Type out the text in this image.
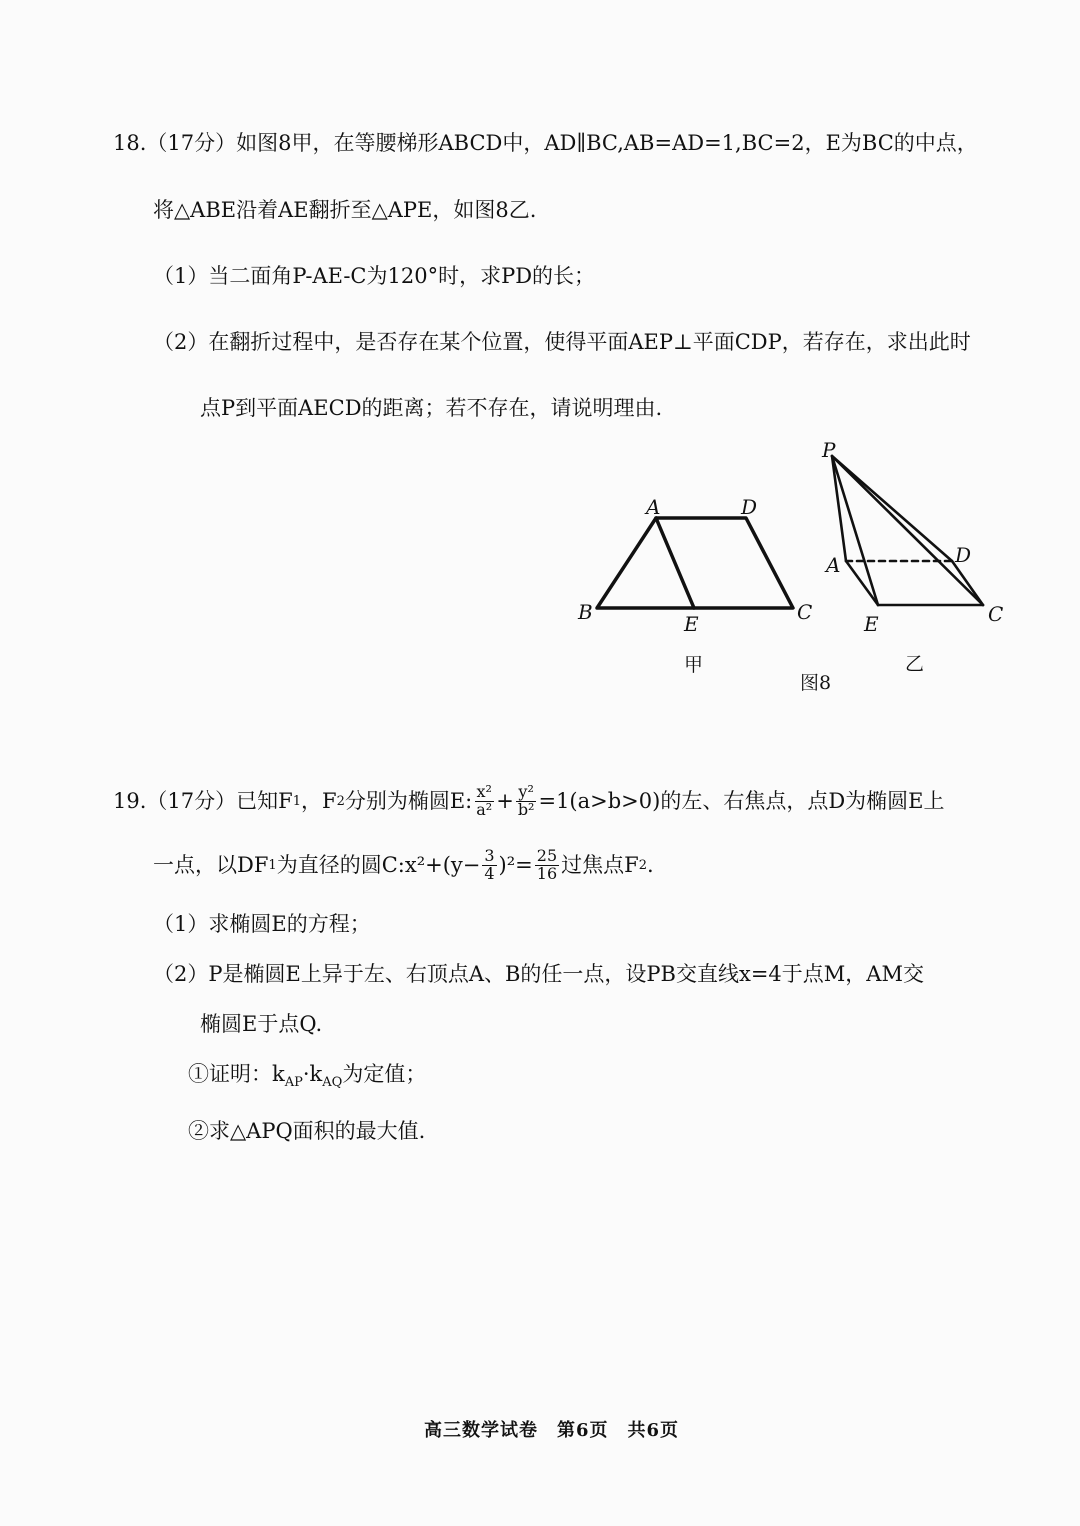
18.（17分）如图8甲，在等腰梯形ABCD中，AD∥BC,AB=AD=1,BC=2，E为BC的中点，
将△ABE沿着AE翻折至△APE，如图8乙.
（1）当二面角P-AE-C为120°时，求PD的长；
（2）在翻折过程中，是否存在某个位置，使得平面AEP⊥平面CDP，若存在，求出此时
点P到平面AECD的距离；若不存在，请说明理由.
A	D
B	E	C
甲
P
A	D
E	C
乙
图8
19.（17分）已知F 1 ，F 2 分别为椭圆E: $\frac{\text{x²}}{\text{a²}} + \frac{\text{y²}}{\text{b²}} =1(a>b>0)$的左、右焦点，点D为椭圆E上
一点，以DF 1 为直径的圆C:x²+(y− $\frac{3}{4} )^2= \frac{25}{16}$ 过焦点F 2 .
（1）求椭圆E的方程；
（2）P是椭圆E上异于左、右顶点A、B的任一点，设PB交直线x=4于点M，AM交
椭圆E于点Q.
①证明：$k_{AP}\cdot k_{AQ}$为定值；
②求△APQ面积的最大值.
高三数学试卷　第6页　共6页
